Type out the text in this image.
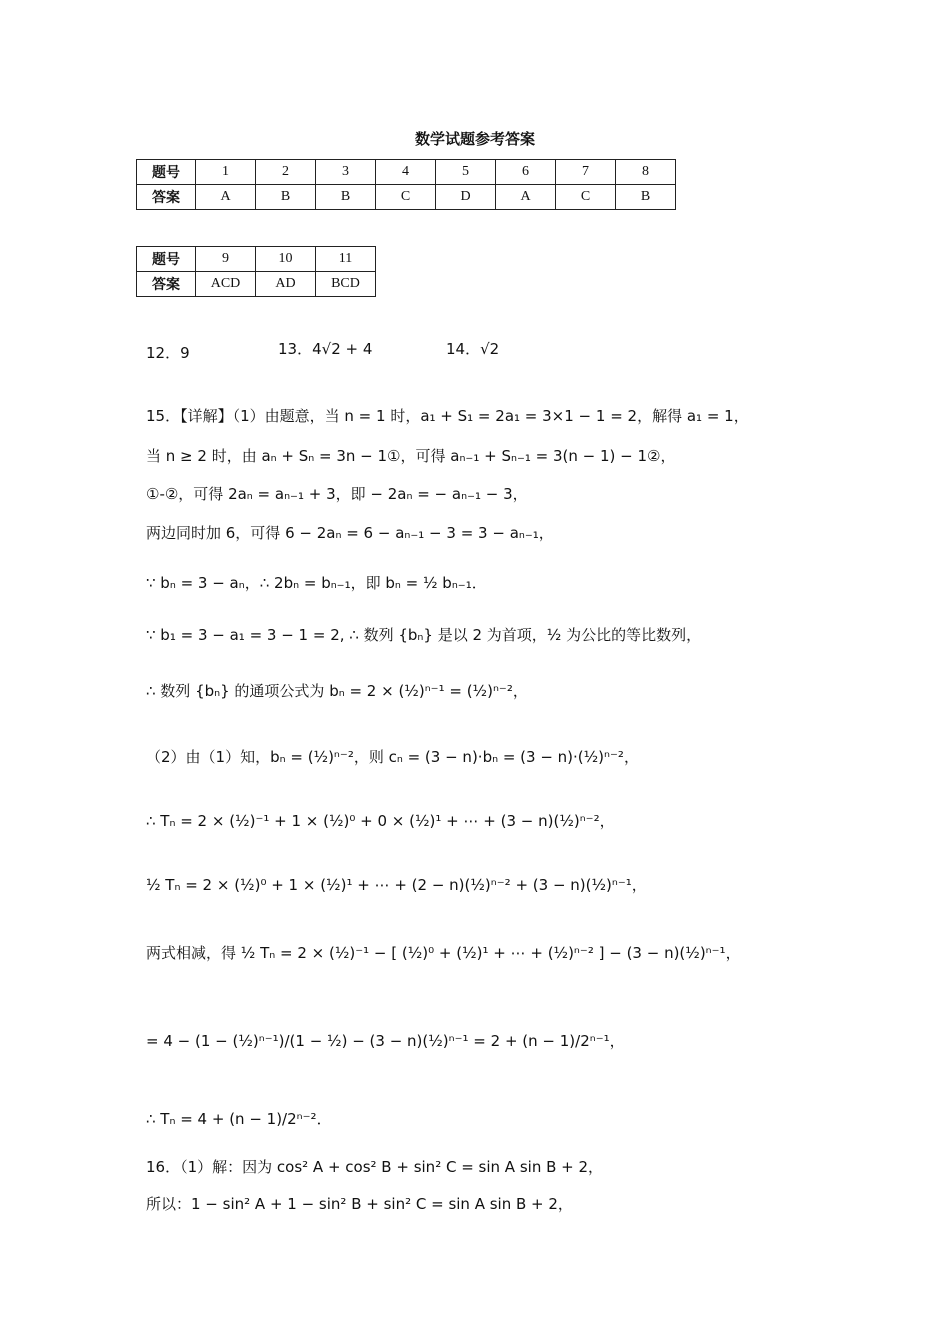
数学试题参考答案
题号	1	2	3	4	5	6	7	8
答案	A	B	B	C	D	A	C	B
题号	9	10	11
答案	ACD	AD	BCD
12．9	13．4√2 + 4	14．√2
15．【详解】（1）由题意，当 n = 1 时，a₁ + S₁ = 2a₁ = 3×1 − 1 = 2，解得 a₁ = 1，
当 n ≥ 2 时，由 aₙ + Sₙ = 3n − 1①，可得 aₙ₋₁ + Sₙ₋₁ = 3(n − 1) − 1②，
①-②，可得 2aₙ = aₙ₋₁ + 3，即 − 2aₙ = − aₙ₋₁ − 3，
两边同时加 6，可得 6 − 2aₙ = 6 − aₙ₋₁ − 3 = 3 − aₙ₋₁，
∵ bₙ = 3 − aₙ，∴ 2bₙ = bₙ₋₁，即 bₙ = ½ bₙ₋₁．
∵ b₁ = 3 − a₁ = 3 − 1 = 2, ∴ 数列 {bₙ} 是以 2 为首项，½ 为公比的等比数列，
∴ 数列 {bₙ} 的通项公式为 bₙ = 2 × (½)ⁿ⁻¹ = (½)ⁿ⁻²，
（2）由（1）知，bₙ = (½)ⁿ⁻²，则 cₙ = (3 − n)·bₙ = (3 − n)·(½)ⁿ⁻²，
∴ Tₙ = 2 × (½)⁻¹ + 1 × (½)⁰ + 0 × (½)¹ + ⋯ + (3 − n)(½)ⁿ⁻²，
½ Tₙ = 2 × (½)⁰ + 1 × (½)¹ + ⋯ + (2 − n)(½)ⁿ⁻² + (3 − n)(½)ⁿ⁻¹，
两式相减，得 ½ Tₙ = 2 × (½)⁻¹ − [ (½)⁰ + (½)¹ + ⋯ + (½)ⁿ⁻² ] − (3 − n)(½)ⁿ⁻¹，
= 4 − (1 − (½)ⁿ⁻¹)/(1 − ½) − (3 − n)(½)ⁿ⁻¹ = 2 + (n − 1)/2ⁿ⁻¹，
∴ Tₙ = 4 + (n − 1)/2ⁿ⁻²．
16．（1）解：因为 cos² A + cos² B + sin² C = sin A sin B + 2，
所以：1 − sin² A + 1 − sin² B + sin² C = sin A sin B + 2，
